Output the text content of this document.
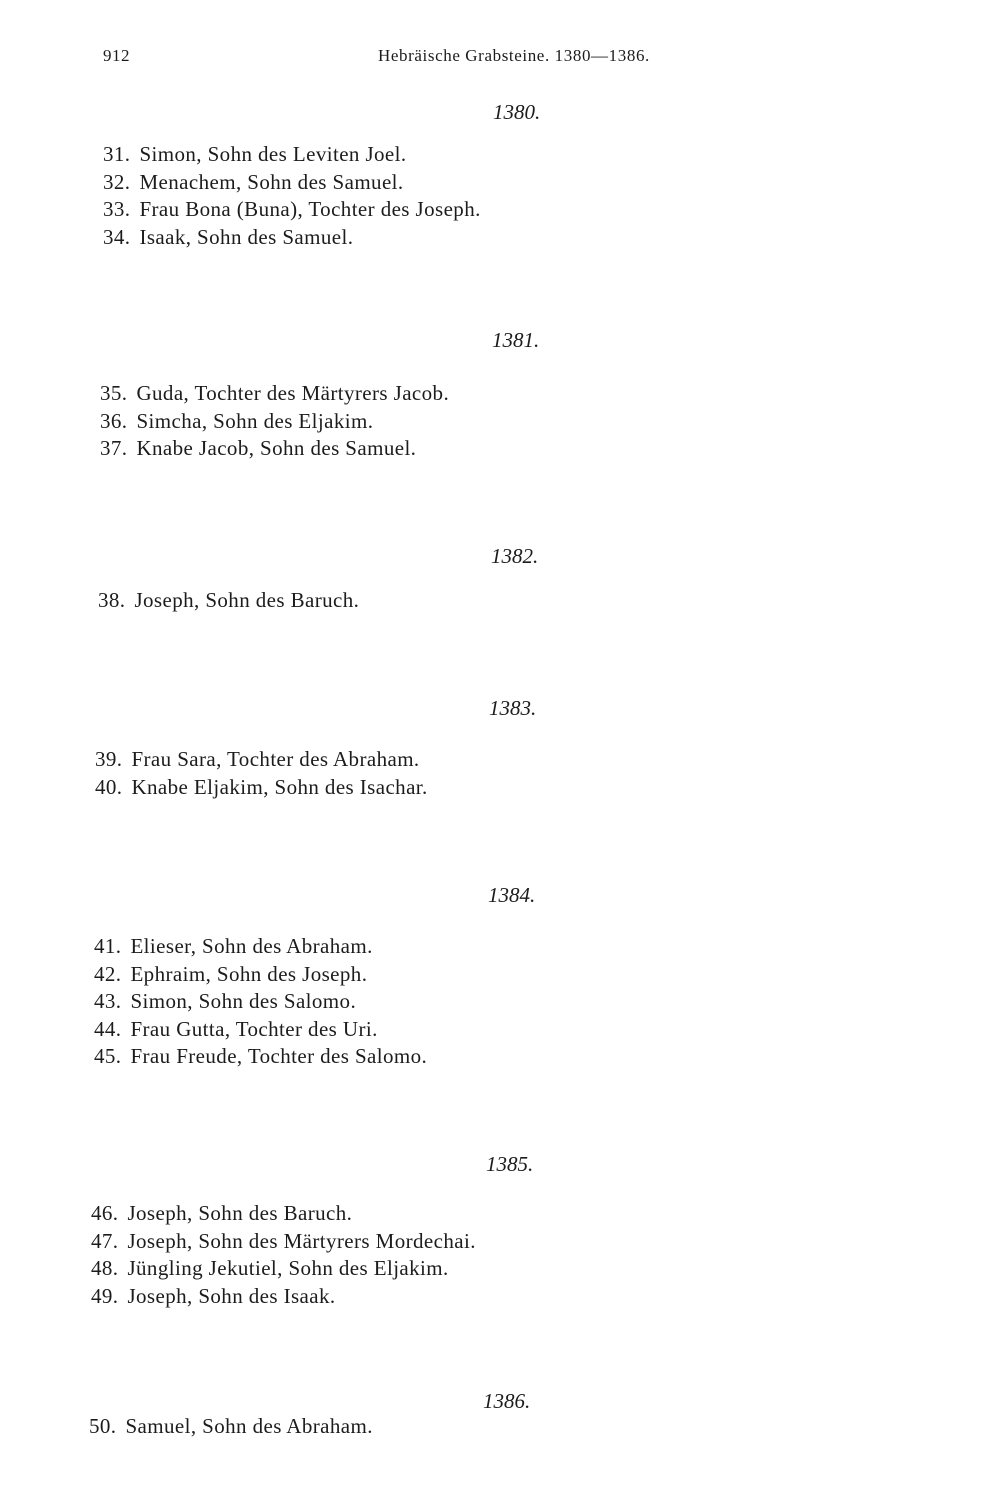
912	Hebräische Grabsteine. 1380—1386.
1380.
31. Simon, Sohn des Leviten Joel.
32. Menachem, Sohn des Samuel.
33. Frau Bona (Buna), Tochter des Joseph.
34. Isaak, Sohn des Samuel.
1381.
35. Guda, Tochter des Märtyrers Jacob.
36. Simcha, Sohn des Eljakim.
37. Knabe Jacob, Sohn des Samuel.
1382.
38. Joseph, Sohn des Baruch.
1383.
39. Frau Sara, Tochter des Abraham.
40. Knabe Eljakim, Sohn des Isachar.
1384.
41. Elieser, Sohn des Abraham.
42. Ephraim, Sohn des Joseph.
43. Simon, Sohn des Salomo.
44. Frau Gutta, Tochter des Uri.
45. Frau Freude, Tochter des Salomo.
1385.
46. Joseph, Sohn des Baruch.
47. Joseph, Sohn des Märtyrers Mordechai.
48. Jüngling Jekutiel, Sohn des Eljakim.
49. Joseph, Sohn des Isaak.
1386.
50. Samuel, Sohn des Abraham.
